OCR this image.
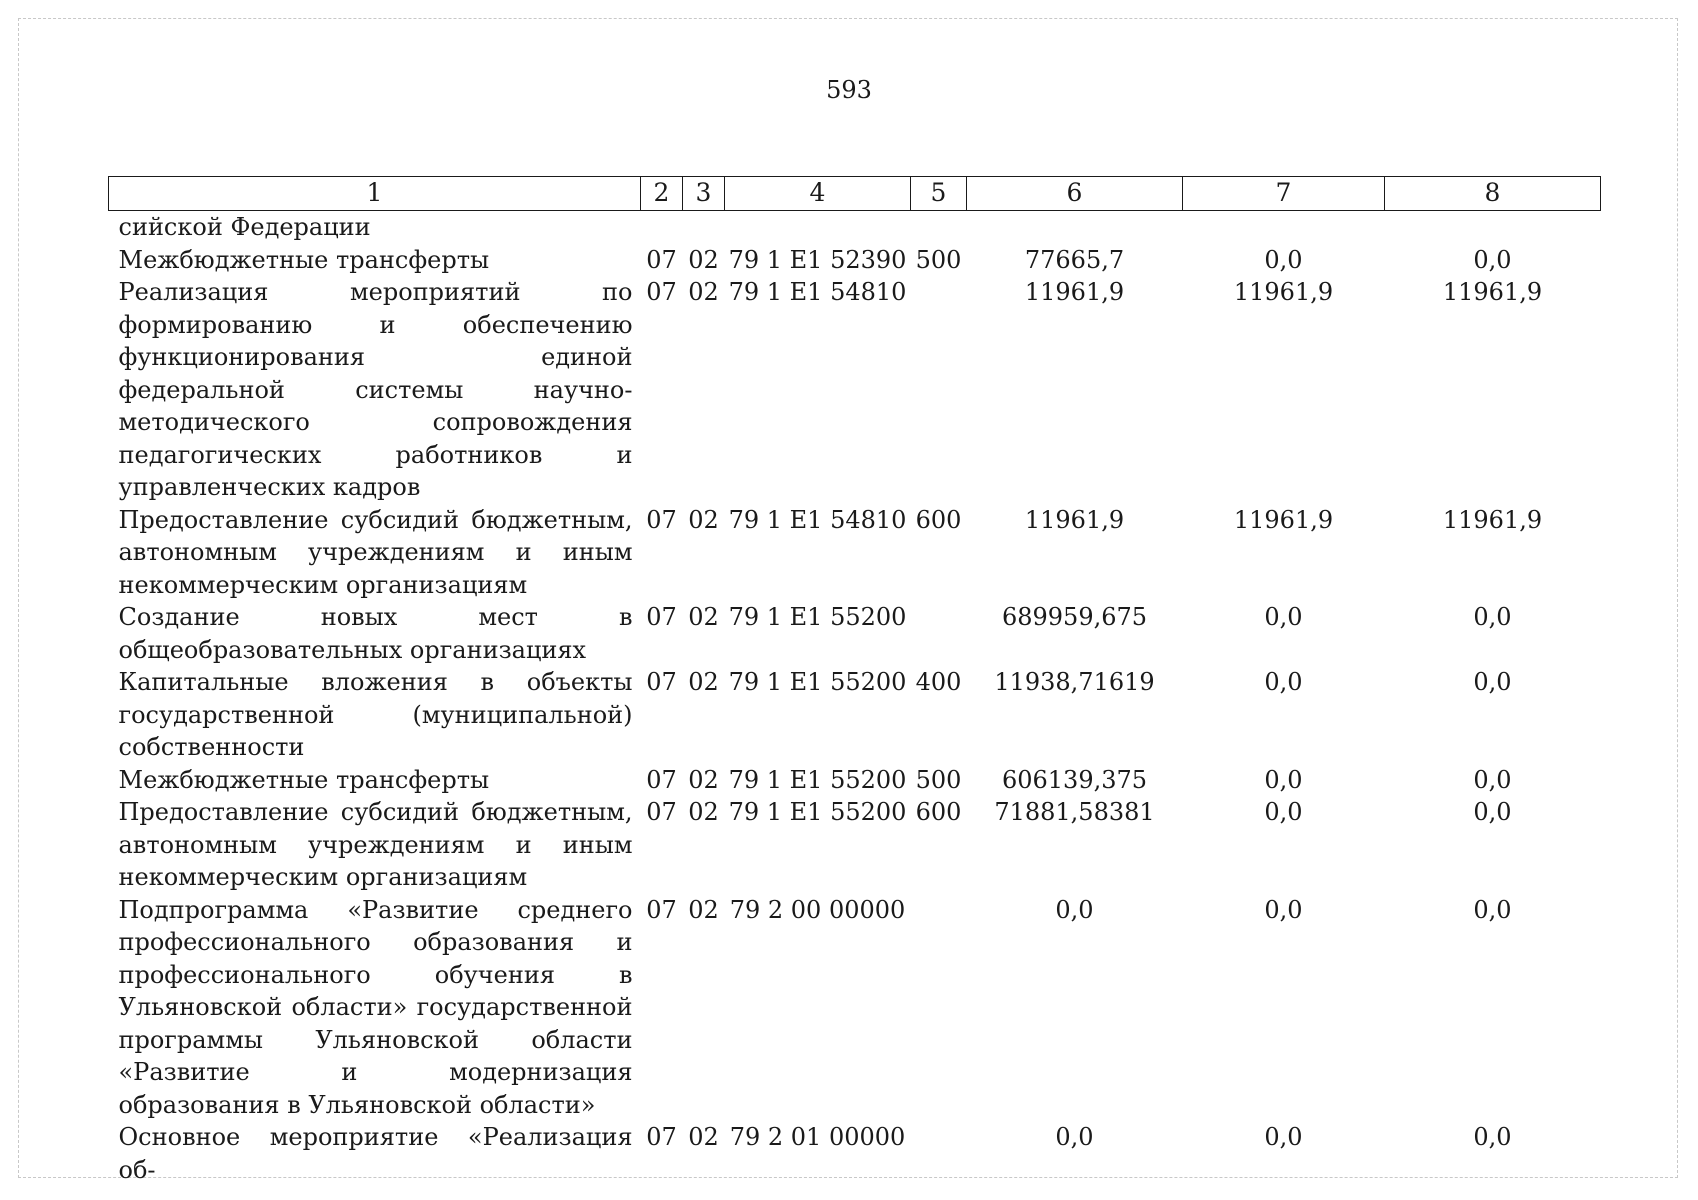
593
1	2	3	4	5	6	7	8
сийской Федерации							
Межбюджетные трансферты	07	02	79 1 E1 52390	500	77665,7	0,0	0,0
Реализация мероприятий по формированию и обеспечению функционирования единой федеральной системы научно-методического сопровождения педагогических работников и управленческих кадров	07	02	79 1 E1 54810		11961,9	11961,9	11961,9
Предоставление субсидий бюджетным, автономным учреждениям и иным некоммерческим организациям	07	02	79 1 E1 54810	600	11961,9	11961,9	11961,9
Создание новых мест в общеобразовательных организациях	07	02	79 1 E1 55200		689959,675	0,0	0,0
Капитальные вложения в объекты государственной (муниципальной) собственности	07	02	79 1 E1 55200	400	11938,71619	0,0	0,0
Межбюджетные трансферты	07	02	79 1 E1 55200	500	606139,375	0,0	0,0
Предоставление субсидий бюджетным, автономным учреждениям и иным некоммерческим организациям	07	02	79 1 E1 55200	600	71881,58381	0,0	0,0
Подпрограмма «Развитие среднего профессионального образования и профессионального обучения в Ульяновской области» государственной программы Ульяновской области «Развитие и модернизация образования в Ульяновской области»	07	02	79 2 00 00000		0,0	0,0	0,0
Основное мероприятие «Реализация об-	07	02	79 2 01 00000		0,0	0,0	0,0
